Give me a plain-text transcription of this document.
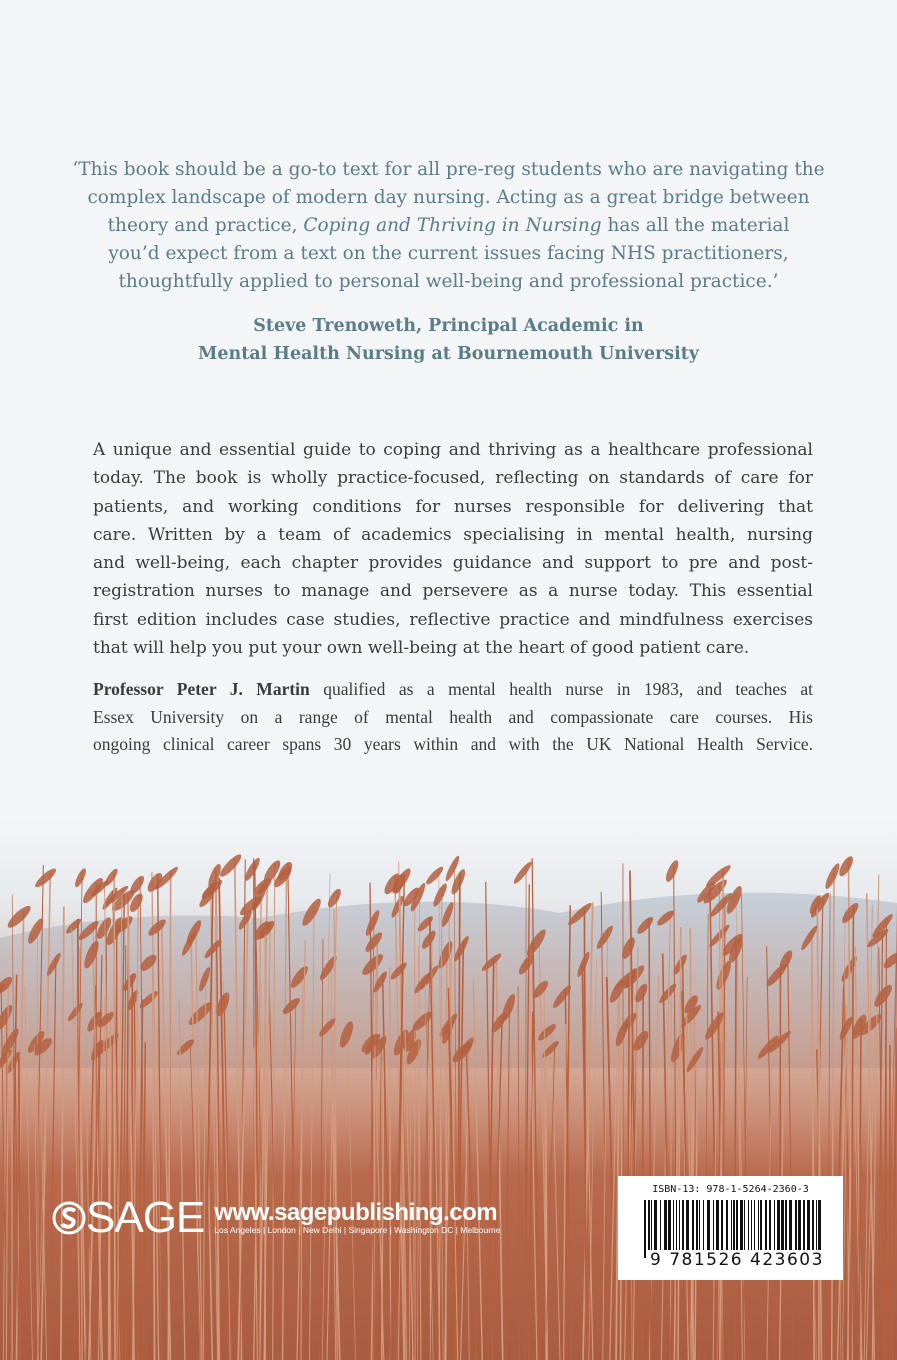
‘This book should be a go-to text for all pre-reg students who are navigating the
complex landscape of modern day nursing. Acting as a great bridge between
theory and practice, Coping and Thriving in Nursing has all the material
you’d expect from a text on the current issues facing NHS practitioners,
thoughtfully applied to personal well-being and professional practice.’
Steve Trenoweth, Principal Academic in
Mental Health Nursing at Bournemouth University
A unique and essential guide to coping and thriving as a healthcare professional
today. The book is wholly practice-focused, reflecting on standards of care for
patients, and working conditions for nurses responsible for delivering that
care. Written by a team of academics specialising in mental health, nursing
and well-being, each chapter provides guidance and support to pre and post-
registration nurses to manage and persevere as a nurse today. This essential
first edition includes case studies, reflective practice and mindfulness exercises
that will help you put your own well-being at the heart of good patient care.
Professor Peter J. Martin qualified as a mental health nurse in 1983, and teaches at
Essex University on a range of mental health and compassionate care courses. His
ongoing clinical career spans 30 years within and with the UK National Health Service.
SAGE www.sagepublishing.com
Los Angeles | London | New Delhi | Singapore | Washington DC | Melbourne
ISBN-13: 978-1-5264-2360-3
9 781526 423603
